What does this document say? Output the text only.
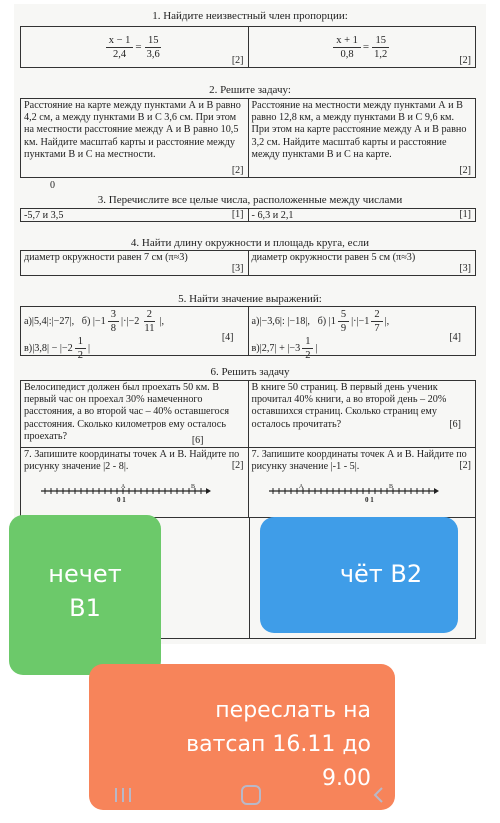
1. Найдите неизвестный член пропорции:
$\frac{x - 1}{2,4} = \frac{15}{3,6}$	[2]	$\frac{x + 1}{0,8} = \frac{15}{1,2}$	[2]
2. Решите задачу:
Расстояние на карте между пунктами А и В равно 4,2 см, а между пунктами В и С 3,6 см. При этом на местности расстояние между А и В равно 10,5 км. Найдите масштаб карты и расстояние между пунктами В и С на местности.
[2]
Расстояние на местности между пунктами А и В равно 12,8 км, а между пунктами В и С 9,6 км. При этом на карте расстояние между А и В равно 3,2 см. Найдите масштаб карты и расстояние между пунктами В и С на карте.
[2]
0
3. Перечислите все целые числа, расположенные между числами
-5,7 и 3,5	[1] - 6,3 и 2,1	[1]
4. Найти длину окружности и площадь круга, если
диаметр окружности равен 7 см (π≈3)
[3]
диаметр окружности равен 5 см (π≈3)
[3]
5. Найти значение выражений:
а)|5,4|:|−27|, б) $|-1 \frac{3}{8} |\cdot|-2 \frac{2}{11}$ |,
$в)|3,8| - |-2 \frac{1}{2}$ |
[4]
а)|−3,6|: |−18|, б) $|1 \frac{5}{9} |\cdot|-1 \frac{2}{7}$ |,
$в)|2,7| + |-3 \frac{1}{2}$ |
[4]
6. Решить задачу
Велосипедист должен был проехать 50 км. В первый час он проехал 30% намеченного расстояния, а во второй час – 40% оставшегося расстояния. Сколько километров ему осталось проехать?	[6]
В книге 50 страниц. В первый день ученик прочитал 40% книги, а во второй день – 20% оставшихся страниц. Сколько страниц ему осталось прочитать?	[6]
7. Запишите координаты точек А и В. Найдите по рисунку значение |2 - 8|.	[2]
A	B
0 1
7. Запишите координаты точек А и В. Найдите по рисунку значение |-1 - 5|.	[2]
A	B
0 1
нечет
В1
чёт В2
переслать на
ватсап 16.11 до
9.00
